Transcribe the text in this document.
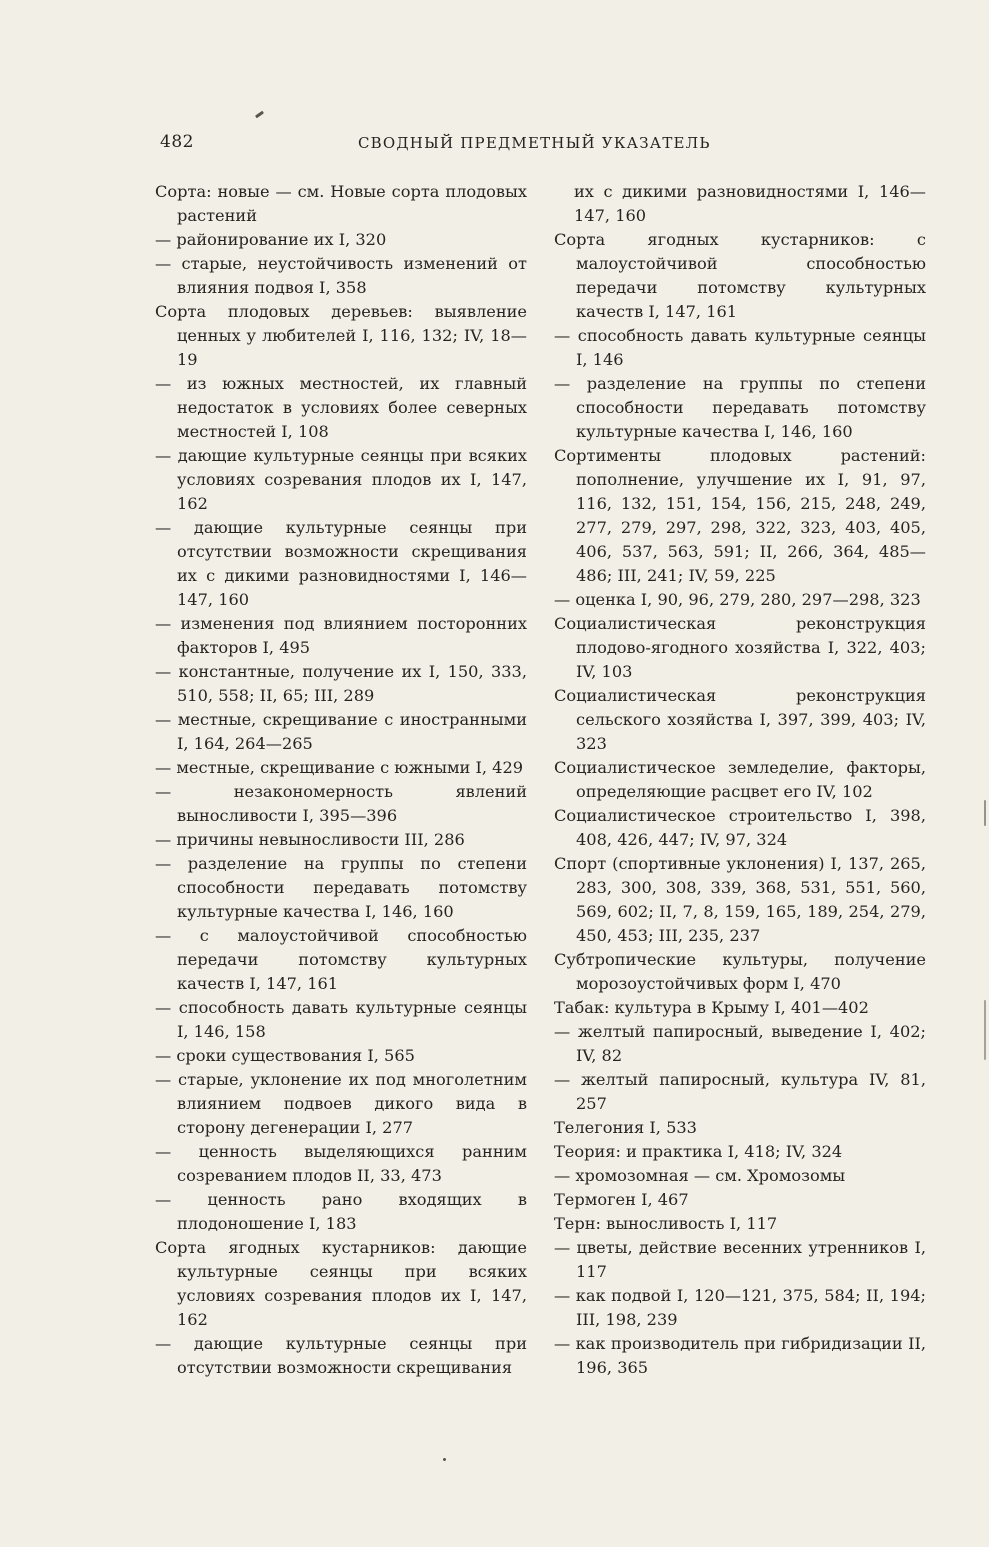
482	СВОДНЫЙ ПРЕДМЕТНЫЙ УКАЗАТЕЛЬ

Сорта: новые — см. Новые сорта плодовых растений

— районирование их I, 320

— старые, неустойчивость изменений от влияния подвоя I, 358

Сорта плодовых деревьев: выявление ценных у любителей I, 116, 132; IV, 18—19

— из южных местностей, их главный недостаток в условиях более северных местностей I, 108

— дающие культурные сеянцы при всяких условиях созревания плодов их I, 147, 162

— дающие культурные сеянцы при отсутствии возможности скрещивания их с дикими разновидностями I, 146—147, 160

— изменения под влиянием посторонних факторов I, 495

— константные, получение их I, 150, 333, 510, 558; II, 65; III, 289

— местные, скрещивание с иностранными I, 164, 264—265

— местные, скрещивание с южными I, 429

— незакономерность явлений выносливости I, 395—396

— причины невыносливости III, 286

— разделение на группы по степени способности передавать потомству культурные качества I, 146, 160

— с малоустойчивой способностью передачи потомству культурных качеств I, 147, 161

— способность давать культурные сеянцы I, 146, 158

— сроки существования I, 565

— старые, уклонение их под многолетним влиянием подвоев дикого вида в сторону дегенерации I, 277

— ценность выделяющихся ранним созреванием плодов II, 33, 473

— ценность рано входящих в плодоношение I, 183

Сорта ягодных кустарников: дающие культурные сеянцы при всяких условиях созревания плодов их I, 147, 162

— дающие культурные сеянцы при отсутствии возможности скрещивания

их с дикими разновидностями I, 146—147, 160

Сорта ягодных кустарников: с малоустойчивой способностью передачи потомству культурных качеств I, 147, 161

— способность давать культурные сеянцы I, 146

— разделение на группы по степени способности передавать потомству культурные качества I, 146, 160

Сортименты плодовых растений: пополнение, улучшение их I, 91, 97, 116, 132, 151, 154, 156, 215, 248, 249, 277, 279, 297, 298, 322, 323, 403, 405, 406, 537, 563, 591; II, 266, 364, 485—486; III, 241; IV, 59, 225

— оценка I, 90, 96, 279, 280, 297—298, 323

Социалистическая реконструкция плодово-ягодного хозяйства I, 322, 403; IV, 103

Социалистическая реконструкция сельского хозяйства I, 397, 399, 403; IV, 323

Социалистическое земледелие, факторы, определяющие расцвет его IV, 102

Социалистическое строительство I, 398, 408, 426, 447; IV, 97, 324

Спорт (спортивные уклонения) I, 137, 265, 283, 300, 308, 339, 368, 531, 551, 560, 569, 602; II, 7, 8, 159, 165, 189, 254, 279, 450, 453; III, 235, 237

Субтропические культуры, получение морозоустойчивых форм I, 470

Табак: культура в Крыму I, 401—402

— желтый папиросный, выведение I, 402; IV, 82

— желтый папиросный, культура IV, 81, 257

Телегония I, 533

Теория: и практика I, 418; IV, 324

— хромозомная — см. Хромозомы

Термоген I, 467

Терн: выносливость I, 117

— цветы, действие весенних утренников I, 117

— как подвой I, 120—121, 375, 584; II, 194; III, 198, 239

— как производитель при гибридизации II, 196, 365
